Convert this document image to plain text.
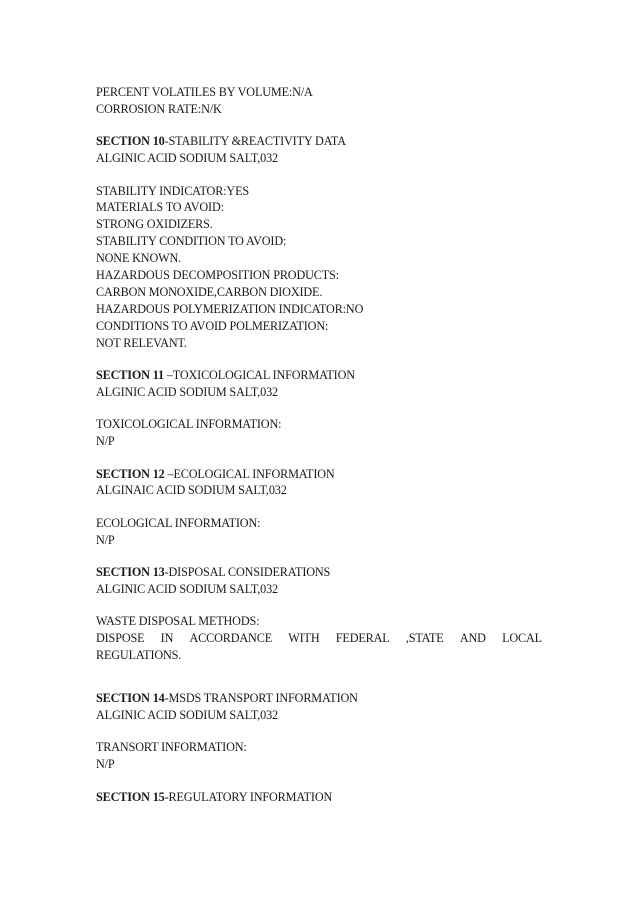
PERCENT VOLATILES BY VOLUME:N/A
CORROSION RATE:N/K
SECTION 10-STABILITY &REACTIVITY DATA
ALGINIC ACID SODIUM SALT,032
STABILITY INDICATOR:YES
MATERIALS TO AVOID:
STRONG OXIDIZERS.
STABILITY CONDITION TO AVOID:
NONE KNOWN.
HAZARDOUS DECOMPOSITION PRODUCTS:
CARBON MONOXIDE,CARBON DIOXIDE.
HAZARDOUS POLYMERIZATION INDICATOR:NO
CONDITIONS TO AVOID POLMERIZATION:
NOT RELEVANT.
SECTION 11 –TOXICOLOGICAL INFORMATION
ALGINIC ACID SODIUM SALT,032
TOXICOLOGICAL INFORMATION:
N/P
SECTION 12 –ECOLOGICAL INFORMATION
ALGINAIC ACID SODIUM SALT,032
ECOLOGICAL INFORMATION:
N/P
SECTION 13-DISPOSAL CONSIDERATIONS
ALGINIC ACID SODIUM SALT,032
WASTE DISPOSAL METHODS:
DISPOSE IN ACCORDANCE WITH FEDERAL ,STATE AND LOCAL
REGULATIONS.
SECTION 14-MSDS TRANSPORT INFORMATION
ALGINIC ACID SODIUM SALT,032
TRANSORT INFORMATION:
N/P
SECTION 15-REGULATORY INFORMATION
